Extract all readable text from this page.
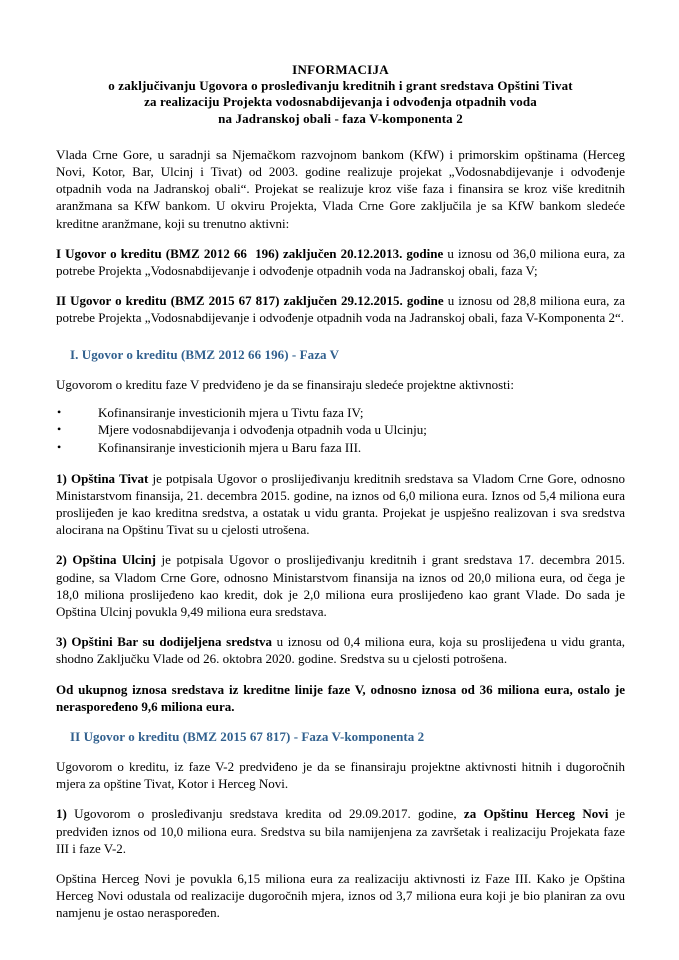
INFORMACIJA
o zaključivanju Ugovora o prosleđivanju kreditnih i grant sredstava Opštini Tivat
za realizaciju Projekta vodosnabdijevanja i odvođenja otpadnih voda
na Jadranskoj obali - faza V-komponenta 2

Vlada Crne Gore, u saradnji sa Njemačkom razvojnom bankom (KfW) i primorskim opštinama (Herceg Novi, Kotor, Bar, Ulcinj i Tivat) od 2003. godine realizuje projekat „Vodosnabdijevanje i odvođenje otpadnih voda na Jadranskoj obali“. Projekat se realizuje kroz više faza i finansira se kroz više kreditnih aranžmana sa KfW bankom. U okviru Projekta, Vlada Crne Gore zaključila je sa KfW bankom sledeće kreditne aranžmane, koji su trenutno aktivni:

I Ugovor o kreditu (BMZ 2012 66  196) zaključen 20.12.2013. godine u iznosu od 36,0 miliona eura, za potrebe Projekta „Vodosnabdijevanje i odvođenje otpadnih voda na Jadranskoj obali, faza V;

II Ugovor o kreditu (BMZ 2015 67 817) zaključen 29.12.2015. godine u iznosu od 28,8 miliona eura, za potrebe Projekta „Vodosnabdijevanje i odvođenje otpadnih voda na Jadranskoj obali, faza V-Komponenta 2“.

I. Ugovor o kreditu (BMZ 2012 66 196) - Faza V

Ugovorom o kreditu faze V predviđeno je da se finansiraju sledeće projektne aktivnosti:

•	Kofinansiranje investicionih mjera u Tivtu faza IV;
•	Mjere vodosnabdijevanja i odvođenja otpadnih voda u Ulcinju;
•	Kofinansiranje investicionih mjera u Baru faza III.

1) Opština Tivat je potpisala Ugovor o proslijeđivanju kreditnih sredstava sa Vladom Crne Gore, odnosno Ministarstvom finansija, 21. decembra 2015. godine, na iznos od 6,0 miliona eura. Iznos od 5,4 miliona eura proslijeđen je kao kreditna sredstva, a ostatak u vidu granta. Projekat je uspješno realizovan i sva sredstva alocirana na Opštinu Tivat su u cjelosti utrošena.

2) Opština Ulcinj je potpisala Ugovor o proslijeđivanju kreditnih i grant sredstava 17. decembra 2015. godine, sa Vladom Crne Gore, odnosno Ministarstvom finansija na iznos od 20,0 miliona eura, od čega je 18,0 miliona proslijeđeno kao kredit, dok je 2,0 miliona eura proslijeđeno kao grant Vlade. Do sada je Opština Ulcinj povukla 9,49 miliona eura sredstava.

3) Opštini Bar su dodijeljena sredstva u iznosu od 0,4 miliona eura, koja su proslijeđena u vidu granta, shodno Zaključku Vlade od 26. oktobra 2020. godine. Sredstva su u cjelosti potrošena.

Od ukupnog iznosa sredstava iz kreditne linije faze V, odnosno iznosa od 36 miliona eura, ostalo je neraspoređeno 9,6 miliona eura.

II Ugovor o kreditu (BMZ 2015 67 817) - Faza V-komponenta 2

Ugovorom o kreditu, iz faze V-2 predviđeno je da se finansiraju projektne aktivnosti hitnih i dugoročnih mjera za opštine Tivat, Kotor i Herceg Novi.

1) Ugovorom o prosleđivanju sredstava kredita od 29.09.2017. godine, za Opštinu Herceg Novi je predviđen iznos od 10,0 miliona eura. Sredstva su bila namijenjena za završetak i realizaciju Projekata faze III i faze V-2.

Opština Herceg Novi je povukla 6,15 miliona eura za realizaciju aktivnosti iz Faze III. Kako je Opština Herceg Novi odustala od realizacije dugoročnih mjera, iznos od 3,7 miliona eura koji je bio planiran za ovu namjenu je ostao neraspoređen.
